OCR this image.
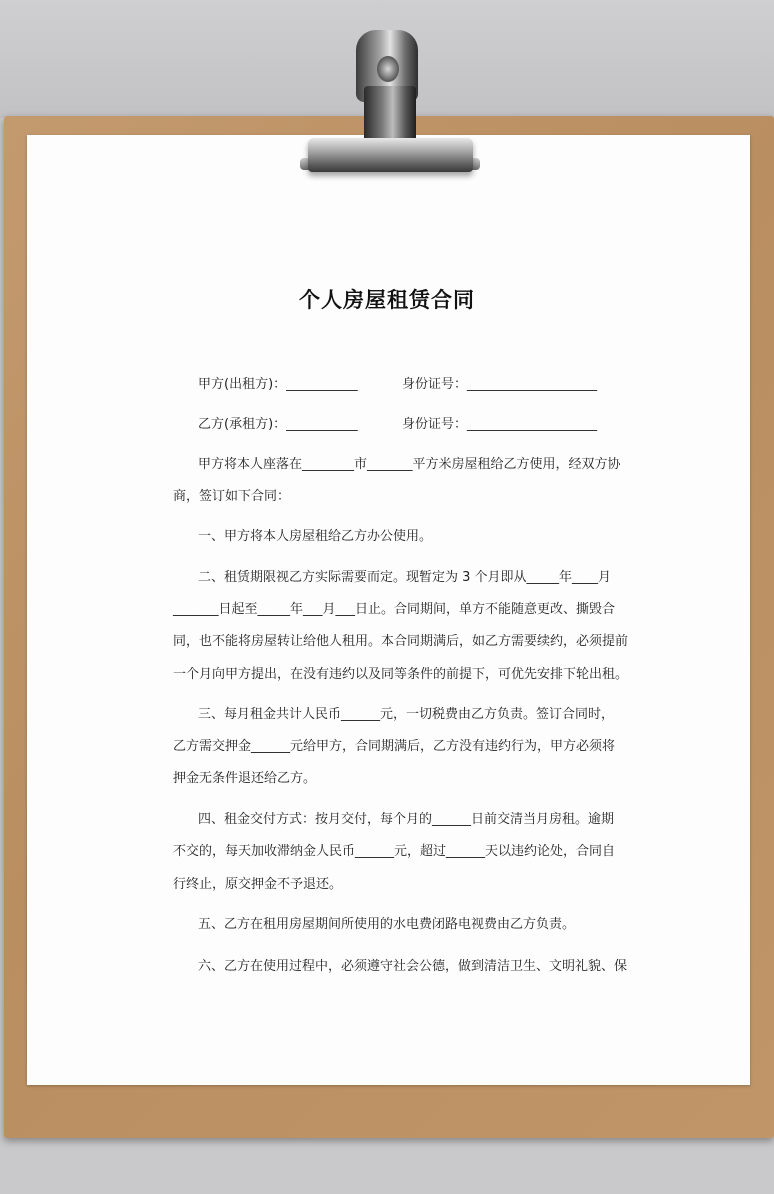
个人房屋租赁合同
甲方(出租方)：___________	身份证号：____________________
乙方(承租方)：___________	身份证号：____________________
甲方将本人座落在________市_______平方米房屋租给乙方使用，经双方协
商，签订如下合同：
一、甲方将本人房屋租给乙方办公使用。
二、租赁期限视乙方实际需要而定。现暂定为 3 个月即从_____年____月
_______日起至_____年___月___日止。合同期间，单方不能随意更改、撕毁合
同，也不能将房屋转让给他人租用。本合同期满后，如乙方需要续约，必须提前
一个月向甲方提出，在没有违约以及同等条件的前提下，可优先安排下轮出租。
三、每月租金共计人民币______元，一切税费由乙方负责。签订合同时，
乙方需交押金______元给甲方，合同期满后，乙方没有违约行为，甲方必须将
押金无条件退还给乙方。
四、租金交付方式：按月交付，每个月的______日前交清当月房租。逾期
不交的，每天加收滞纳金人民币______元，超过______天以违约论处，合同自
行终止，原交押金不予退还。
五、乙方在租用房屋期间所使用的水电费闭路电视费由乙方负责。
六、乙方在使用过程中，必须遵守社会公德，做到清洁卫生、文明礼貌、保
